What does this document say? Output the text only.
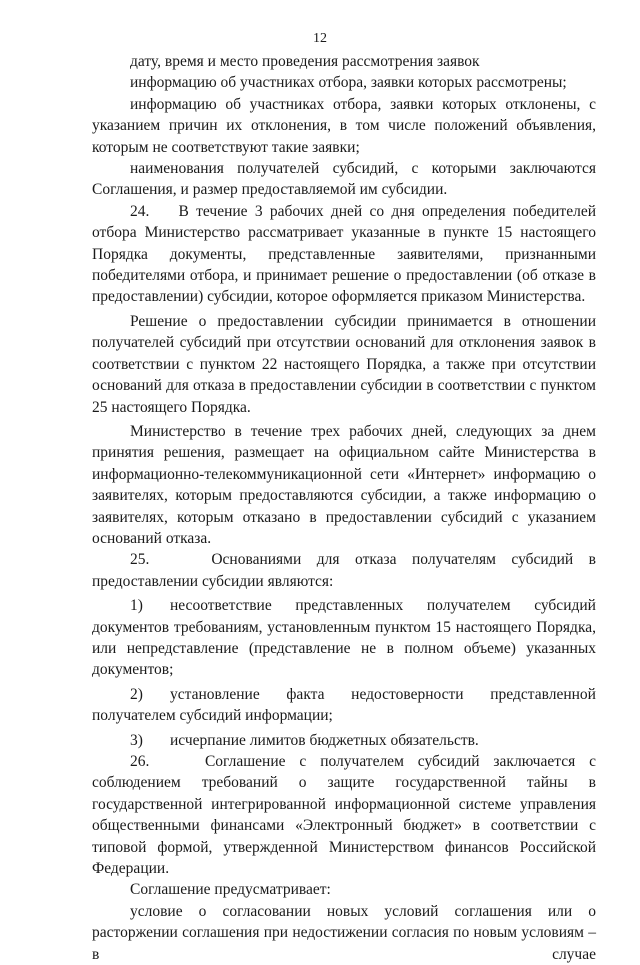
12

дату, время и место проведения рассмотрения заявок

информацию об участниках отбора, заявки которых рассмотрены;

информацию об участниках отбора, заявки которых отклонены, с указанием причин их отклонения, в том числе положений объявления, которым не соответствуют такие заявки;

наименования получателей субсидий, с которыми заключаются Соглашения, и размер предоставляемой им субсидии.

24.    В течение 3 рабочих дней со дня определения победителей отбора Министерство рассматривает указанные в пункте 15 настоящего Порядка документы, представленные заявителями, признанными победителями отбора, и принимает решение о предоставлении (об отказе в предоставлении) субсидии, которое оформляется приказом Министерства.

Решение о предоставлении субсидии принимается в отношении получателей субсидий при отсутствии оснований для отклонения заявок в соответствии с пунктом 22 настоящего Порядка, а также при отсутствии оснований для отказа в предоставлении субсидии в соответствии с пунктом 25 настоящего Порядка.

Министерство в течение трех рабочих дней, следующих за днем принятия решения, размещает на официальном сайте Министерства в информационно-телекоммуникационной сети «Интернет» информацию о заявителях, которым предоставляются субсидии, а также информацию о заявителях, которым отказано в предоставлении субсидий с указанием оснований отказа.

25.    Основаниями для отказа получателям субсидий в предоставлении субсидии являются:

1)	несоответствие представленных получателем субсидий

документов требованиям, установленным пунктом 15 настоящего Порядка, или непредставление (представление не в полном объеме) указанных документов;

2)	установление факта недостоверности представленной

получателем субсидий информации;

3)	исчерпание лимитов бюджетных обязательств.

26.    Соглашение с получателем субсидий заключается с соблюдением требований о защите государственной тайны в государственной интегрированной информационной системе управления общественными финансами «Электронный бюджет» в соответствии с типовой формой, утвержденной Министерством финансов Российской Федерации.

Соглашение предусматривает:

условие о согласовании новых условий соглашения или о расторжении соглашения при недостижении согласия по новым условиям – в случае
